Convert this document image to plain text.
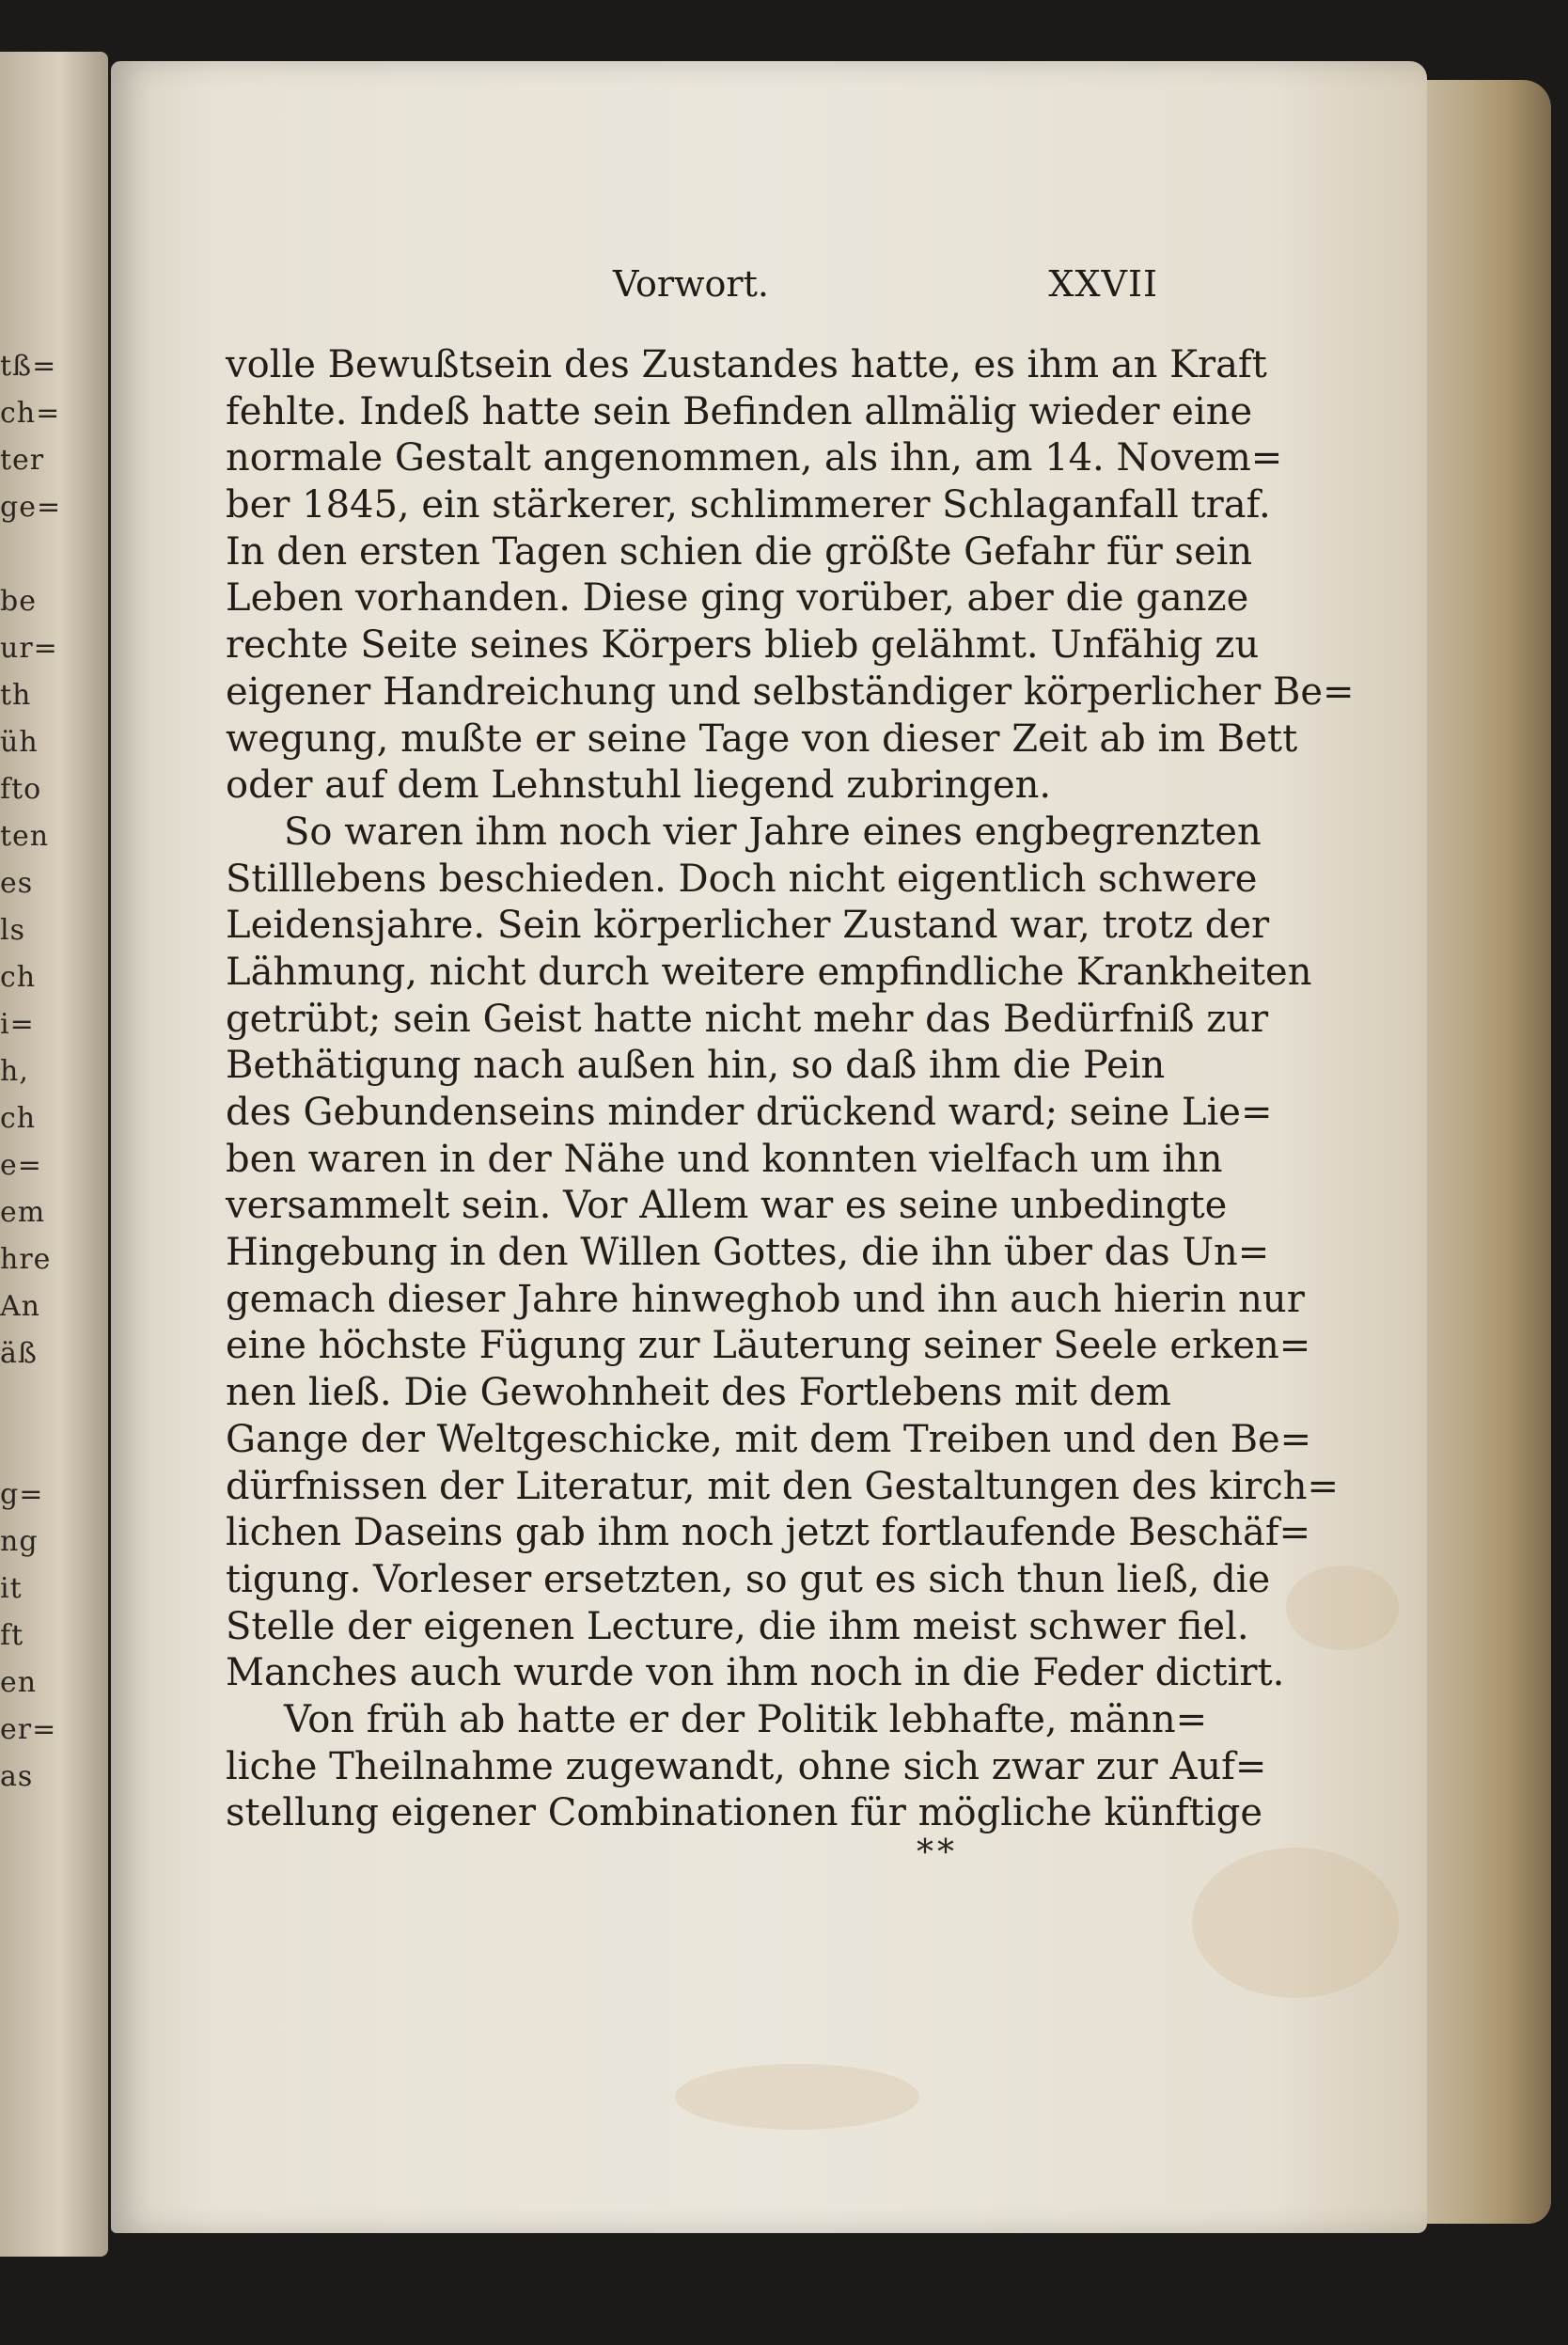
tß=
ch=
ter
ge=
be
ur=
th
üh
fto
ten
es
ls
ch
i=
h,
ch
e=
em
hre
An
äß
g=
ng
it
ft
en
er=
as
Vorwort.	XXVII
volle Bewußtsein des Zustandes hatte, es ihm an Kraft
fehlte. Indeß hatte sein Befinden allmälig wieder eine
normale Gestalt angenommen, als ihn, am 14. Novem=
ber 1845, ein stärkerer, schlimmerer Schlaganfall traf.
In den ersten Tagen schien die größte Gefahr für sein
Leben vorhanden. Diese ging vorüber, aber die ganze
rechte Seite seines Körpers blieb gelähmt. Unfähig zu
eigener Handreichung und selbständiger körperlicher Be=
wegung, mußte er seine Tage von dieser Zeit ab im Bett
oder auf dem Lehnstuhl liegend zubringen.
So waren ihm noch vier Jahre eines engbegrenzten
Stilllebens beschieden. Doch nicht eigentlich schwere
Leidensjahre. Sein körperlicher Zustand war, trotz der
Lähmung, nicht durch weitere empfindliche Krankheiten
getrübt; sein Geist hatte nicht mehr das Bedürfniß zur
Bethätigung nach außen hin, so daß ihm die Pein
des Gebundenseins minder drückend ward; seine Lie=
ben waren in der Nähe und konnten vielfach um ihn
versammelt sein. Vor Allem war es seine unbedingte
Hingebung in den Willen Gottes, die ihn über das Un=
gemach dieser Jahre hinweghob und ihn auch hierin nur
eine höchste Fügung zur Läuterung seiner Seele erken=
nen ließ. Die Gewohnheit des Fortlebens mit dem
Gange der Weltgeschicke, mit dem Treiben und den Be=
dürfnissen der Literatur, mit den Gestaltungen des kirch=
lichen Daseins gab ihm noch jetzt fortlaufende Beschäf=
tigung. Vorleser ersetzten, so gut es sich thun ließ, die
Stelle der eigenen Lecture, die ihm meist schwer fiel.
Manches auch wurde von ihm noch in die Feder dictirt.
Von früh ab hatte er der Politik lebhafte, männ=
liche Theilnahme zugewandt, ohne sich zwar zur Auf=
stellung eigener Combinationen für mögliche künftige
**
